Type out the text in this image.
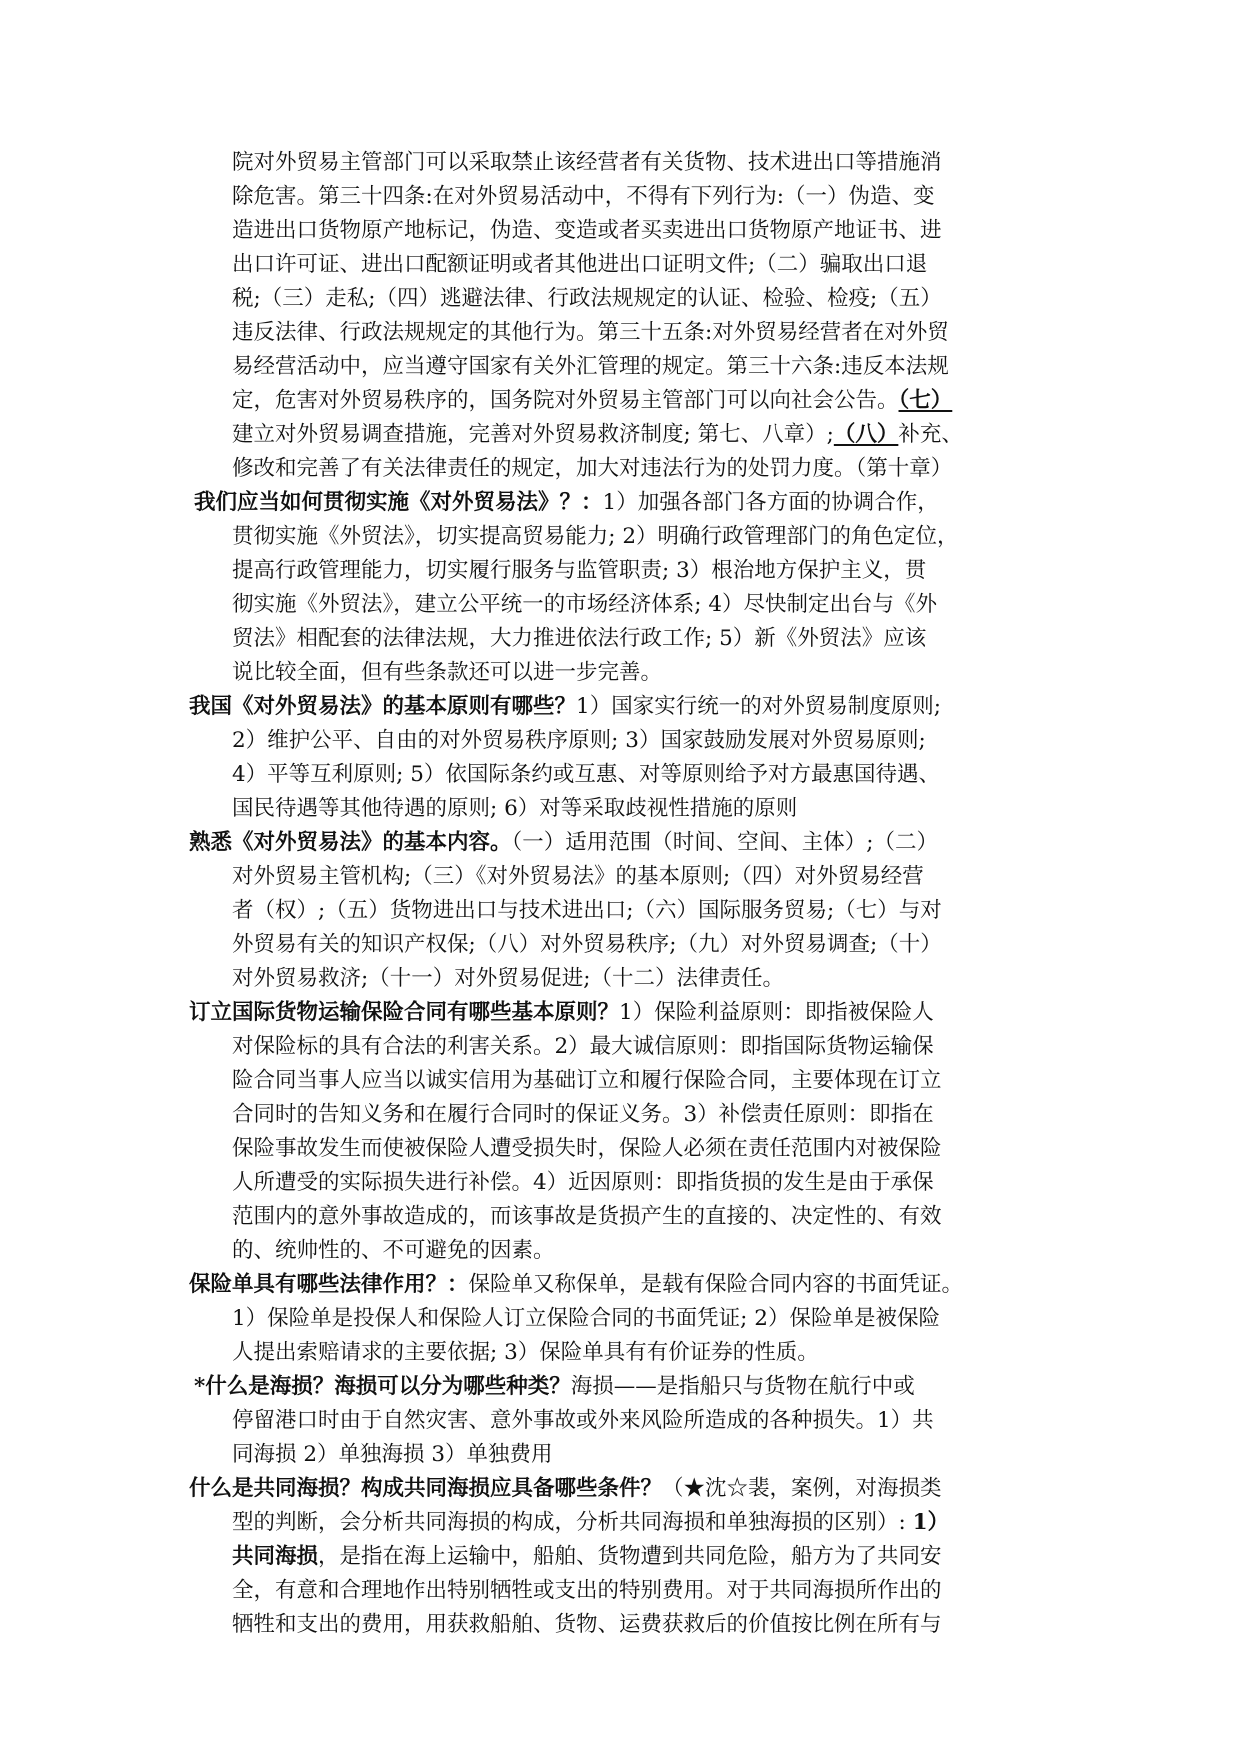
院对外贸易主管部门可以采取禁止该经营者有关货物、技术进出口等措施消
除危害。第三十四条:在对外贸易活动中，不得有下列行为:（一）伪造、变
造进出口货物原产地标记，伪造、变造或者买卖进出口货物原产地证书、进
出口许可证、进出口配额证明或者其他进出口证明文件;（二）骗取出口退
税;（三）走私;（四）逃避法律、行政法规规定的认证、检验、检疫;（五）
违反法律、行政法规规定的其他行为。第三十五条:对外贸易经营者在对外贸
易经营活动中，应当遵守国家有关外汇管理的规定。第三十六条:违反本法规
定，危害对外贸易秩序的，国务院对外贸易主管部门可以向社会公告。（七）
建立对外贸易调查措施，完善对外贸易救济制度; 第七、八章）;（八）补充、
修改和完善了有关法律责任的规定，加大对违法行为的处罚力度。（第十章）
我们应当如何贯彻实施《对外贸易法》？：1）加强各部门各方面的协调合作，
贯彻实施《外贸法》，切实提高贸易能力; 2）明确行政管理部门的角色定位，
提高行政管理能力，切实履行服务与监管职责; 3）根治地方保护主义，贯
彻实施《外贸法》，建立公平统一的市场经济体系; 4）尽快制定出台与《外
贸法》相配套的法律法规，大力推进依法行政工作; 5）新《外贸法》应该
说比较全面，但有些条款还可以进一步完善。
我国《对外贸易法》的基本原则有哪些？1）国家实行统一的对外贸易制度原则;
2）维护公平、自由的对外贸易秩序原则; 3）国家鼓励发展对外贸易原则;
4）平等互利原则; 5）依国际条约或互惠、对等原则给予对方最惠国待遇、
国民待遇等其他待遇的原则; 6）对等采取歧视性措施的原则
熟悉《对外贸易法》的基本内容。（一）适用范围（时间、空间、主体）;（二）
对外贸易主管机构;（三）《对外贸易法》的基本原则;（四）对外贸易经营
者（权）;（五）货物进出口与技术进出口;（六）国际服务贸易;（七）与对
外贸易有关的知识产权保;（八）对外贸易秩序;（九）对外贸易调查;（十）
对外贸易救济;（十一）对外贸易促进;（十二）法律责任。
订立国际货物运输保险合同有哪些基本原则？1）保险利益原则：即指被保险人
对保险标的具有合法的利害关系。2）最大诚信原则：即指国际货物运输保
险合同当事人应当以诚实信用为基础订立和履行保险合同，主要体现在订立
合同时的告知义务和在履行合同时的保证义务。3）补偿责任原则：即指在
保险事故发生而使被保险人遭受损失时，保险人必须在责任范围内对被保险
人所遭受的实际损失进行补偿。4）近因原则：即指货损的发生是由于承保
范围内的意外事故造成的，而该事故是货损产生的直接的、决定性的、有效
的、统帅性的、不可避免的因素。
保险单具有哪些法律作用？：保险单又称保单，是载有保险合同内容的书面凭证。
1）保险单是投保人和保险人订立保险合同的书面凭证; 2）保险单是被保险
人提出索赔请求的主要依据; 3）保险单具有有价证券的性质。
*什么是海损？海损可以分为哪些种类？海损——是指船只与货物在航行中或
停留港口时由于自然灾害、意外事故或外来风险所造成的各种损失。1）共
同海损 2）单独海损 3）单独费用
什么是共同海损？构成共同海损应具备哪些条件？（★沈☆裴，案例，对海损类
型的判断，会分析共同海损的构成，分析共同海损和单独海损的区别）: 1）
共同海损，是指在海上运输中，船舶、货物遭到共同危险，船方为了共同安
全，有意和合理地作出特别牺牲或支出的特别费用。对于共同海损所作出的
牺牲和支出的费用，用获救船舶、货物、运费获救后的价值按比例在所有与
